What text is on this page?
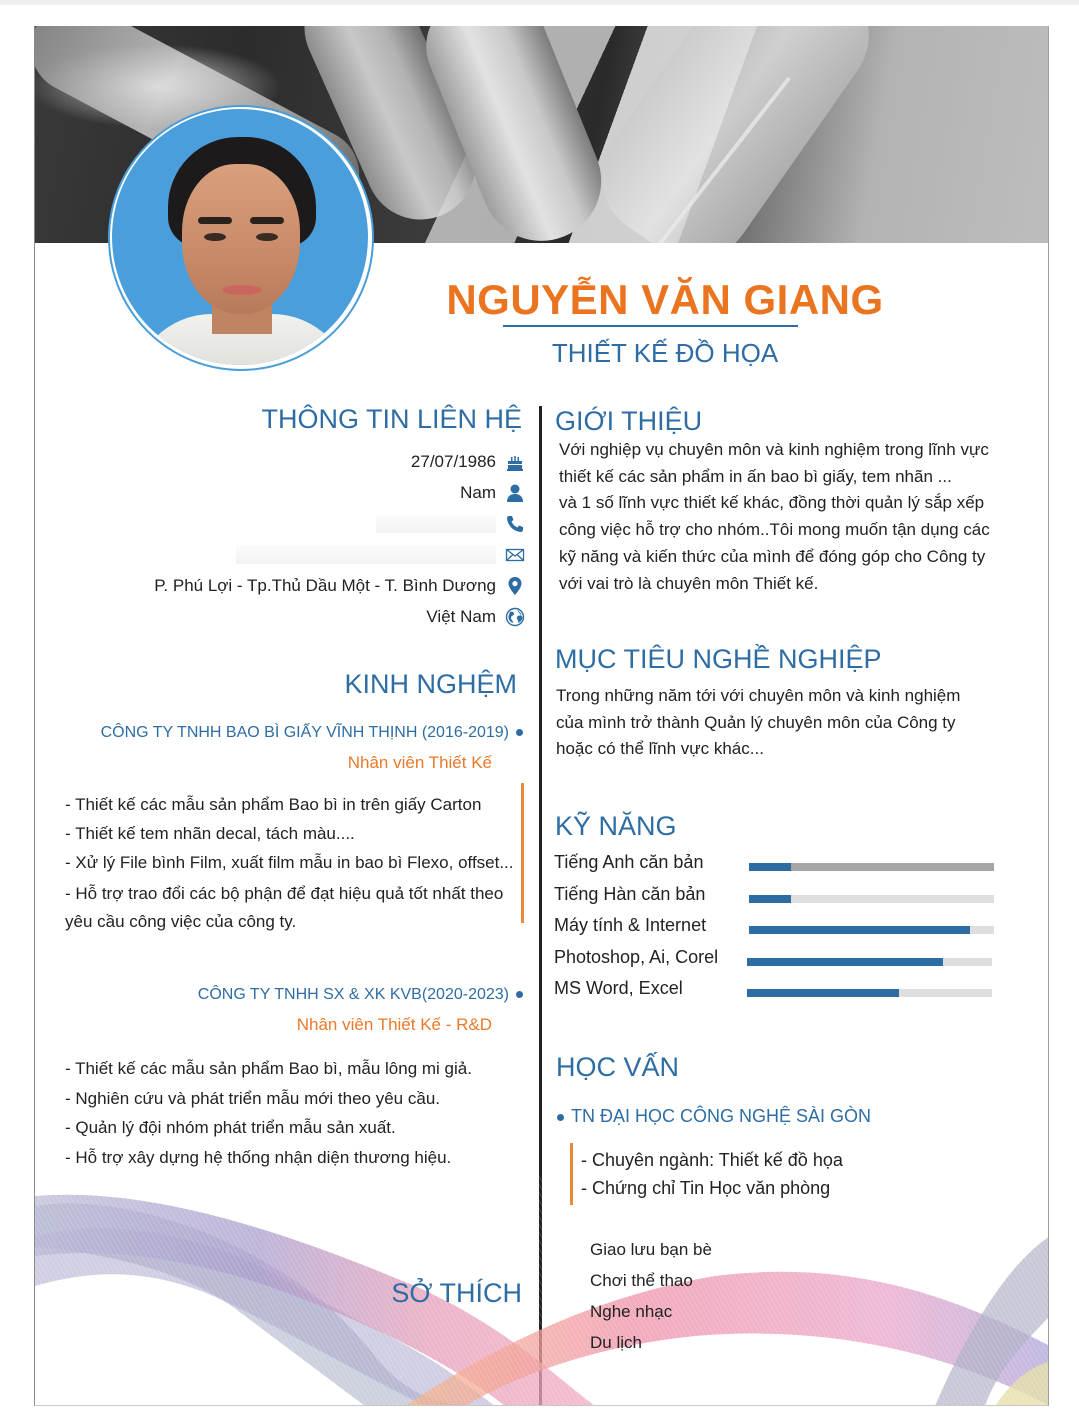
NGUYỄN VĂN GIANG
THIẾT KẾ ĐỒ HỌA
THÔNG TIN LIÊN HỆ
27/07/1986
Nam
P. Phú Lợi - Tp.Thủ Dầu Một - T. Bình Dương
Việt Nam
KINH NGHỆM
CÔNG TY TNHH BAO BÌ GIẤY VĨNH THỊNH (2016-2019)
Nhân viên Thiết Kế
- Thiết kế các mẫu sản phẩm Bao bì in trên giấy Carton
- Thiết kế tem nhãn decal, tách màu....
- Xử lý File bình Film, xuất film mẫu in bao bì Flexo, offset...
- Hỗ trợ trao đổi các bộ phận để đạt hiệu quả tốt nhất theo yêu cầu công việc của công ty.
CÔNG TY TNHH SX & XK KVB(2020-2023)
Nhân viên Thiết Kế - R&D
- Thiết kế các mẫu sản phẩm Bao bì, mẫu lông mi giả.
- Nghiên cứu và phát triển mẫu mới theo yêu cầu.
- Quản lý đội nhóm phát triển mẫu sản xuất.
- Hỗ trợ xây dựng hệ thống nhận diện thương hiệu.
SỞ THÍCH
GIỚI THIỆU
Với nghiệp vụ chuyên môn và kinh nghiệm trong lĩnh vực
thiết kế các sản phẩm in ấn bao bì giấy, tem nhãn ...
và 1 số lĩnh vực thiết kế khác, đồng thời quản lý sắp xếp
công việc hỗ trợ cho nhóm..Tôi mong muốn tận dụng các
kỹ năng và kiến thức của mình để đóng góp cho Công ty
với vai trò là chuyên môn Thiết kế.
MỤC TIÊU NGHỀ NGHIỆP
Trong những năm tới với chuyên môn và kinh nghiệm
của mình trở thành Quản lý chuyên môn của Công ty
hoặc có thể lĩnh vực khác...
KỸ NĂNG
Tiếng Anh căn bản
Tiếng Hàn căn bản
Máy tính & Internet
Photoshop, Ai, Corel
MS Word, Excel
HỌC VẤN
TN ĐẠI HỌC CÔNG NGHỆ SÀI GÒN
- Chuyên ngành: Thiết kế đồ họa
- Chứng chỉ Tin Học văn phòng
Giao lưu bạn bè
Chơi thể thao
Nghe nhạc
Du lịch
